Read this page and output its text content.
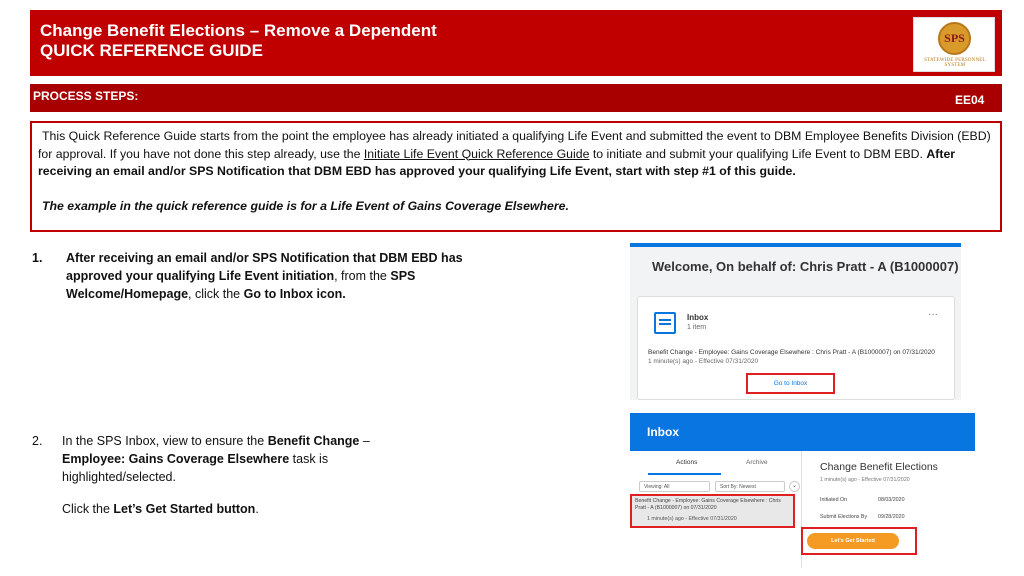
Change Benefit Elections – Remove a Dependent
QUICK REFERENCE GUIDE
SPS
STATEWIDE PERSONNEL SYSTEM
PROCESS STEPS:	EE04

This Quick Reference Guide starts from the point the employee has already initiated a qualifying Life Event and submitted the event to DBM Employee Benefits Division (EBD) for approval. If you have not done this step already, use the Initiate Life Event Quick Reference Guide to initiate and submit your qualifying Life Event to DBM EBD. After receiving an email and/or SPS Notification that DBM EBD has approved your qualifying Life Event, start with step #1 of this guide.

The example in the quick reference guide is for a Life Event of Gains Coverage Elsewhere.

1. After receiving an email and/or SPS Notification that DBM EBD has approved your qualifying Life Event initiation, from the SPS Welcome/Homepage, click the Go to Inbox icon.
2. In the SPS Inbox, view to ensure the Benefit Change – Employee: Gains Coverage Elsewhere task is highlighted/selected.
Click the Let’s Get Started button.
Welcome, On behalf of: Chris Pratt - A (B1000007)
Inbox
1 item
···
Benefit Change - Employee: Gains Coverage Elsewhere : Chris Pratt - A (B1000007) on 07/31/2020
1 minute(s) ago - Effective 07/31/2020
Go to Inbox
Inbox
Actions	Archive
Viewing: All	Sort By: Newest	⌄
Change Benefit Elections
1 minute(s) ago - Effective 07/31/2020
Initiated On	08/03/2020
Submit Elections By 09/28/2020
Benefit Change - Employee: Gains Coverage Elsewhere : Chris Pratt - A (B1000007) on 07/31/2020
1 minute(s) ago - Effective 07/31/2020
Let's Get Started
